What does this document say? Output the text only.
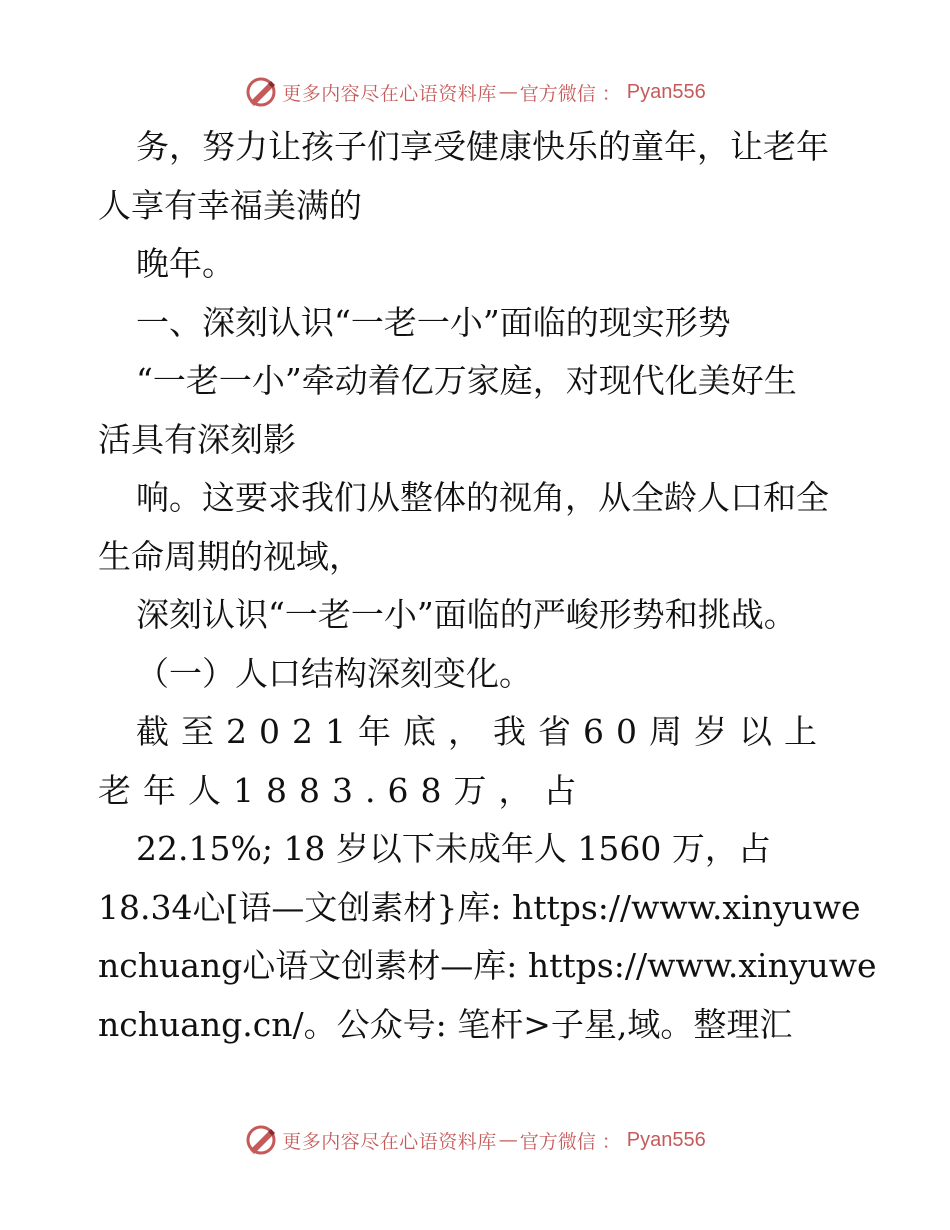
更多内容尽在心语资料库 — 官方微信 ： Pyan556
务，努力让孩子们享受健康快乐的童年，让老年
人享有幸福美满的
晚年。
一、深刻认识“一老一小”面临的现实形势
“一老一小”牵动着亿万家庭，对现代化美好生
活具有深刻影
响。这要求我们从整体的视角，从全龄人口和全
生命周期的视域，
深刻认识“一老一小”面临的严峻形势和挑战。
（一）人口结构深刻变化。
截至2021年底，我省60周岁以上
老年人1883.68万，占
22.15%; 18 岁以下未成年人 1560 万，占
18.34心[语—文创素材}库: https://www.xinyuwe
nchuang心语文创素材—库: https://www.xinyuwe
nchuang.cn/。公众号: 笔杆>子星,域。整理汇
更多内容尽在心语资料库 — 官方微信 ： Pyan556
